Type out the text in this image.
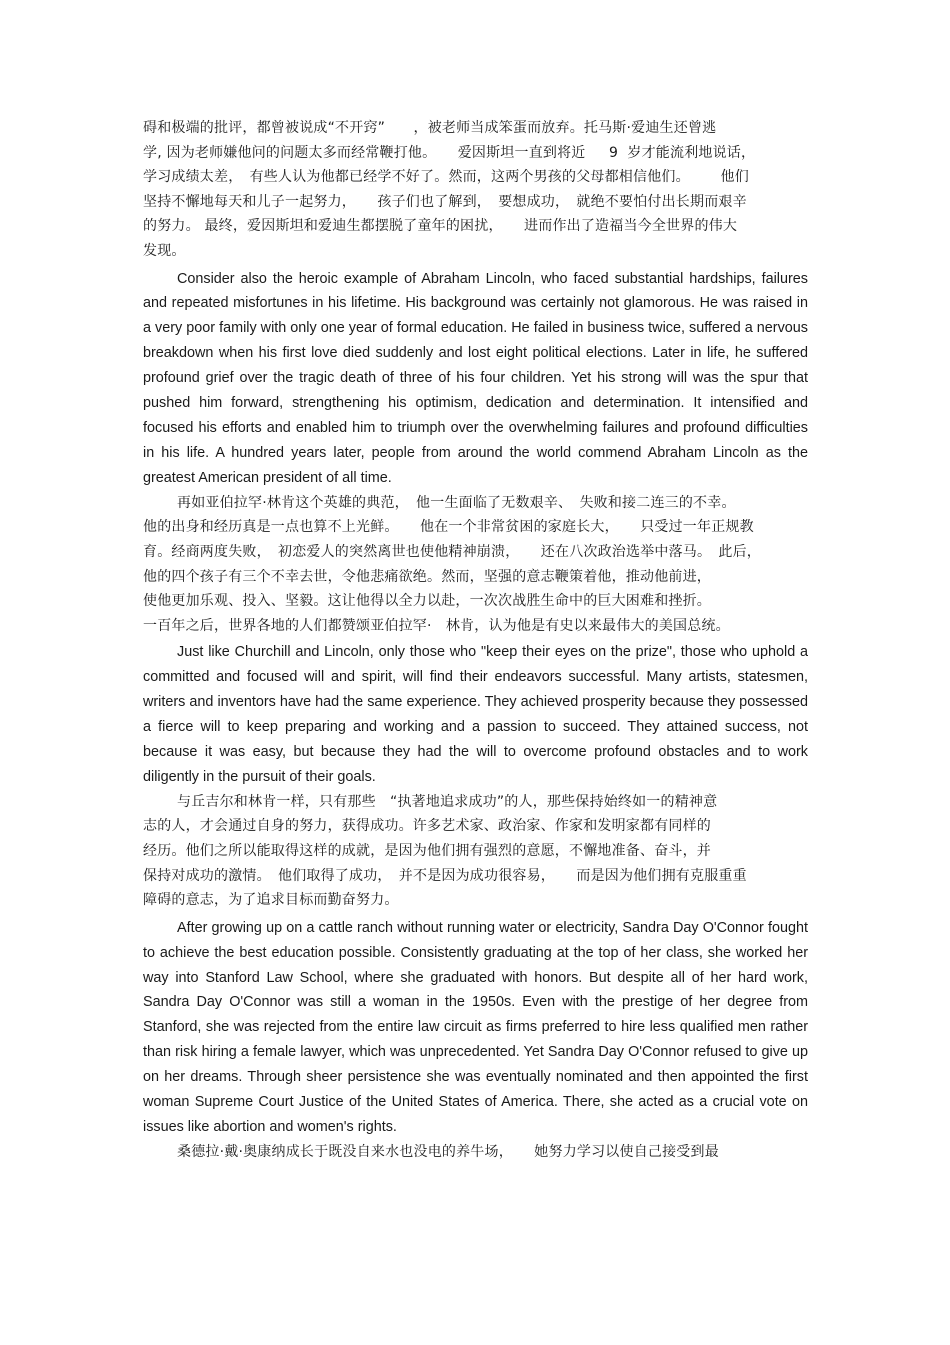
碍和极端的批评，都曾被说成“不开窍”　　，被老师当成笨蛋而放弃。托马斯·爱迪生还曾逃
学, 因为老师嫌他问的问题太多而经常鞭打他。　　爱因斯坦一直到将近　  9  岁才能流利地说话，
学习成绩太差，　有些人认为他都已经学不好了。然而，这两个男孩的父母都相信他们。　　  他们
坚持不懈地每天和儿子一起努力，　　孩子们也了解到，　要想成功，　就绝不要怕付出长期而艰辛
的努力。 最终，爱因斯坦和爱迪生都摆脱了童年的困扰，　　进而作出了造福当今全世界的伟大
发现。

Consider also the heroic example of Abraham Lincoln, who faced substantial hardships, failures and repeated misfortunes in his lifetime. His background was certainly not glamorous. He was raised in a very poor family with only one year of formal education. He failed in business twice, suffered a nervous breakdown when his first love died suddenly and lost eight political elections. Later in life, he suffered profound grief over the tragic death of three of his four children. Yet his strong will was the spur that pushed him forward, strengthening his optimism, dedication and determination. It intensified and focused his efforts and enabled him to triumph over the overwhelming failures and profound difficulties in his life. A hundred years later, people from around the world commend Abraham Lincoln as the greatest American president of all time.

再如亚伯拉罕·林肯这个英雄的典范，　他一生面临了无数艰辛、　失败和接二连三的不幸。
他的出身和经历真是一点也算不上光鲜。　　他在一个非常贫困的家庭长大，　　只受过一年正规教
育。经商两度失败，　初恋爱人的突然离世也使他精神崩溃，　　还在八次政治选举中落马。　此后，
他的四个孩子有三个不幸去世，令他悲痛欲绝。然而，坚强的意志鞭策着他，推动他前进，
使他更加乐观、投入、坚毅。这让他得以全力以赴，一次次战胜生命中的巨大困难和挫折。
一百年之后，世界各地的人们都赞颂亚伯拉罕·　林肯，认为他是有史以来最伟大的美国总统。

Just like Churchill and Lincoln, only those who "keep their eyes on the prize", those who uphold a committed and focused will and spirit, will find their endeavors successful. Many artists, statesmen, writers and inventors have had the same experience. They achieved prosperity because they possessed a fierce will to keep preparing and working and a passion to succeed. They attained success, not because it was easy, but because they had the will to overcome profound obstacles and to work diligently in the pursuit of their goals.

与丘吉尔和林肯一样，只有那些　“执著地追求成功”的人，那些保持始终如一的精神意
志的人，才会通过自身的努力，获得成功。许多艺术家、政治家、作家和发明家都有同样的
经历。他们之所以能取得这样的成就，是因为他们拥有强烈的意愿，不懈地准备、奋斗，并
保持对成功的激情。　他们取得了成功，　并不是因为成功很容易，　　而是因为他们拥有克服重重
障碍的意志，为了追求目标而勤奋努力。

After growing up on a cattle ranch without running water or electricity, Sandra Day O'Connor fought to achieve the best education possible. Consistently graduating at the top of her class, she worked her way into Stanford Law School, where she graduated with honors. But despite all of her hard work, Sandra Day O'Connor was still a woman in the 1950s. Even with the prestige of her degree from Stanford, she was rejected from the entire law circuit as firms preferred to hire less qualified men rather than risk hiring a female lawyer, which was unprecedented. Yet Sandra Day O'Connor refused to give up on her dreams. Through sheer persistence she was eventually nominated and then appointed the first woman Supreme Court Justice of the United States of America. There, she acted as a crucial vote on issues like abortion and women's rights.

桑德拉·戴·奥康纳成长于既没自来水也没电的养牛场，　　她努力学习以使自己接受到最
